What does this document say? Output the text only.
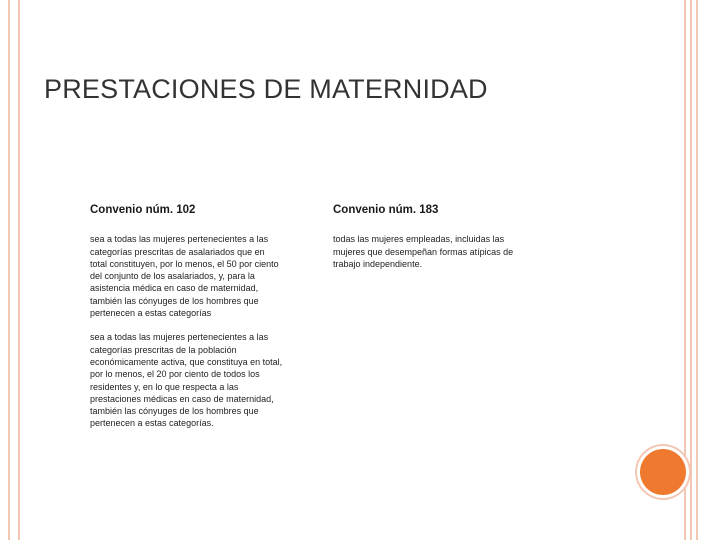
PRESTACIONES DE MATERNIDAD
Convenio núm. 102

sea a todas las mujeres pertenecientes a las
categorías prescritas de asalariados que en
total constituyen, por lo menos, el 50 por ciento
del conjunto de los asalariados, y, para la
asistencia médica en caso de maternidad,
también las cónyuges de los hombres que
pertenecen a estas categorías

sea a todas las mujeres pertenecientes a las
categorías prescritas de la población
económicamente activa, que constituya en total,
por lo menos, el 20 por ciento de todos los
residentes y, en lo que respecta a las
prestaciones médicas en caso de maternidad,
también las cónyuges de los hombres que
pertenecen a estas categorías.

Convenio núm. 183

todas las mujeres empleadas, incluidas las
mujeres que desempeñan formas atípicas de
trabajo independiente.
